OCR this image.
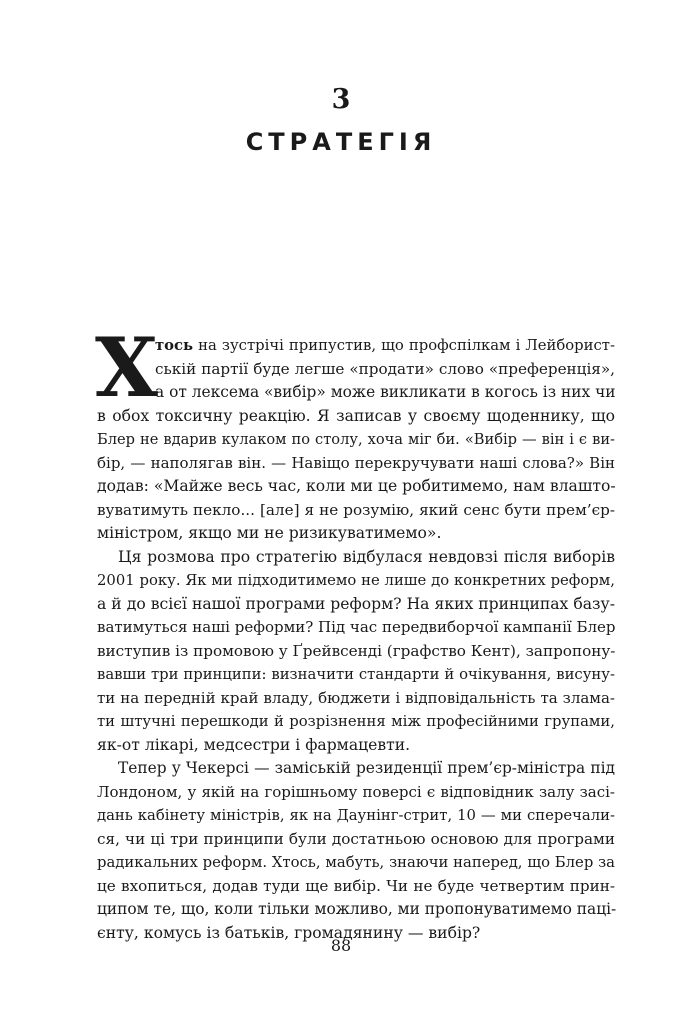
3
СТРАТЕГІЯ
Х
тось на зустрічі припустив, що профспілкам і Лейборист-
ській партії буде легше «продати» слово «преференція»,
а от лексема «вибір» може викликати в когось із них чи
в обох токсичну реакцію. Я записав у своєму щоденнику, що
Блер не вдарив кулаком по столу, хоча міг би. «Вибір — він і є ви-
бір, — наполягав він. — Навіщо перекручувати наші слова?» Він
додав: «Майже весь час, коли ми це робитимемо, нам влашто-
вуватимуть пекло... [але] я не розумію, який сенс бути прем’єр-
міністром, якщо ми не ризикуватимемо».
Ця розмова про стратегію відбулася невдовзі після виборів
2001 року. Як ми підходитимемо не лише до конкретних реформ,
а й до всієї нашої програми реформ? На яких принципах базу-
ватимуться наші реформи? Під час передвиборчої кампанії Блер
виступив із промовою у Ґрейвсенді (графство Кент), запропону-
вавши три принципи: визначити стандарти й очікування, висуну-
ти на передній край владу, бюджети і відповідальність та злама-
ти штучні перешкоди й розрізнення між професійними групами,
як-от лікарі, медсестри і фармацевти.
Тепер у Чекерсі — заміській резиденції прем’єр-міністра під
Лондоном, у якій на горішньому поверсі є відповідник залу засі-
дань кабінету міністрів, як на Даунінг-стрит, 10 — ми сперечали-
ся, чи ці три принципи були достатньою основою для програми
радикальних реформ. Хтось, мабуть, знаючи наперед, що Блер за
це вхопиться, додав туди ще вибір. Чи не буде четвертим прин-
ципом те, що, коли тільки можливо, ми пропонуватимемо паці-
єнту, комусь із батьків, громадянину — вибір?
88
